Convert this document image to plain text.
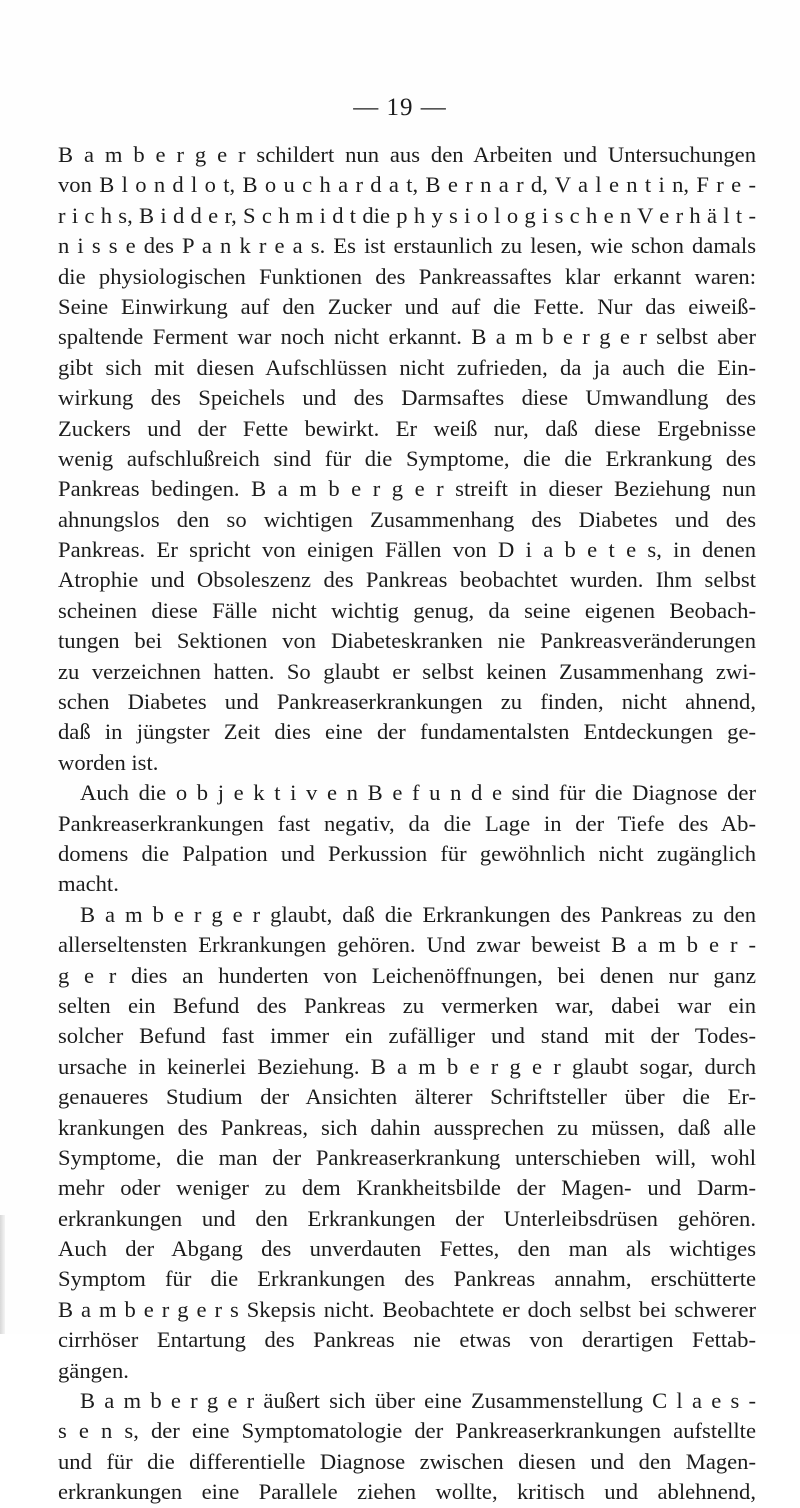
— 19 —

B a m b e r g e r schildert nun aus den Arbeiten und Untersuchungen
von B l o n d l o t, B o u c h a r d a t, B e r n a r d, V a l e n t i n, F r e -
r i c h s, B i d d e r, S c h m i d t die p h y s i o l o g i s c h e n V e r h ä l t -
n i s s e des P a n k r e a s. Es ist erstaunlich zu lesen, wie schon damals
die physiologischen Funktionen des Pankreassaftes klar erkannt waren:
Seine Einwirkung auf den Zucker und auf die Fette. Nur das eiweiß-
spaltende Ferment war noch nicht erkannt. B a m b e r g e r selbst aber
gibt sich mit diesen Aufschlüssen nicht zufrieden, da ja auch die Ein-
wirkung des Speichels und des Darmsaftes diese Umwandlung des
Zuckers und der Fette bewirkt. Er weiß nur, daß diese Ergebnisse
wenig aufschlußreich sind für die Symptome, die die Erkrankung des
Pankreas bedingen. B a m b e r g e r streift in dieser Beziehung nun
ahnungslos den so wichtigen Zusammenhang des Diabetes und des
Pankreas. Er spricht von einigen Fällen von D i a b e t e s, in denen
Atrophie und Obsoleszenz des Pankreas beobachtet wurden. Ihm selbst
scheinen diese Fälle nicht wichtig genug, da seine eigenen Beobach-
tungen bei Sektionen von Diabeteskranken nie Pankreasveränderungen
zu verzeichnen hatten. So glaubt er selbst keinen Zusammenhang zwi-
schen Diabetes und Pankreaserkrankungen zu finden, nicht ahnend,
daß in jüngster Zeit dies eine der fundamentalsten Entdeckungen ge-
worden ist.
Auch die o b j e k t i v e n B e f u n d e sind für die Diagnose der
Pankreaserkrankungen fast negativ, da die Lage in der Tiefe des Ab-
domens die Palpation und Perkussion für gewöhnlich nicht zugänglich
macht.
B a m b e r g e r glaubt, daß die Erkrankungen des Pankreas zu den
allerseltensten Erkrankungen gehören. Und zwar beweist B a m b e r -
g e r dies an hunderten von Leichenöffnungen, bei denen nur ganz
selten ein Befund des Pankreas zu vermerken war, dabei war ein
solcher Befund fast immer ein zufälliger und stand mit der Todes-
ursache in keinerlei Beziehung. B a m b e r g e r glaubt sogar, durch
genaueres Studium der Ansichten älterer Schriftsteller über die Er-
krankungen des Pankreas, sich dahin aussprechen zu müssen, daß alle
Symptome, die man der Pankreaserkrankung unterschieben will, wohl
mehr oder weniger zu dem Krankheitsbilde der Magen- und Darm-
erkrankungen und den Erkrankungen der Unterleibsdrüsen gehören.
Auch der Abgang des unverdauten Fettes, den man als wichtiges
Symptom für die Erkrankungen des Pankreas annahm, erschütterte
B a m b e r g e r s Skepsis nicht. Beobachtete er doch selbst bei schwerer
cirrhöser Entartung des Pankreas nie etwas von derartigen Fettab-
gängen.
B a m b e r g e r äußert sich über eine Zusammenstellung C l a e s -
s e n s, der eine Symptomatologie der Pankreaserkrankungen aufstellte
und für die differentielle Diagnose zwischen diesen und den Magen-
erkrankungen eine Parallele ziehen wollte, kritisch und ablehnend,
